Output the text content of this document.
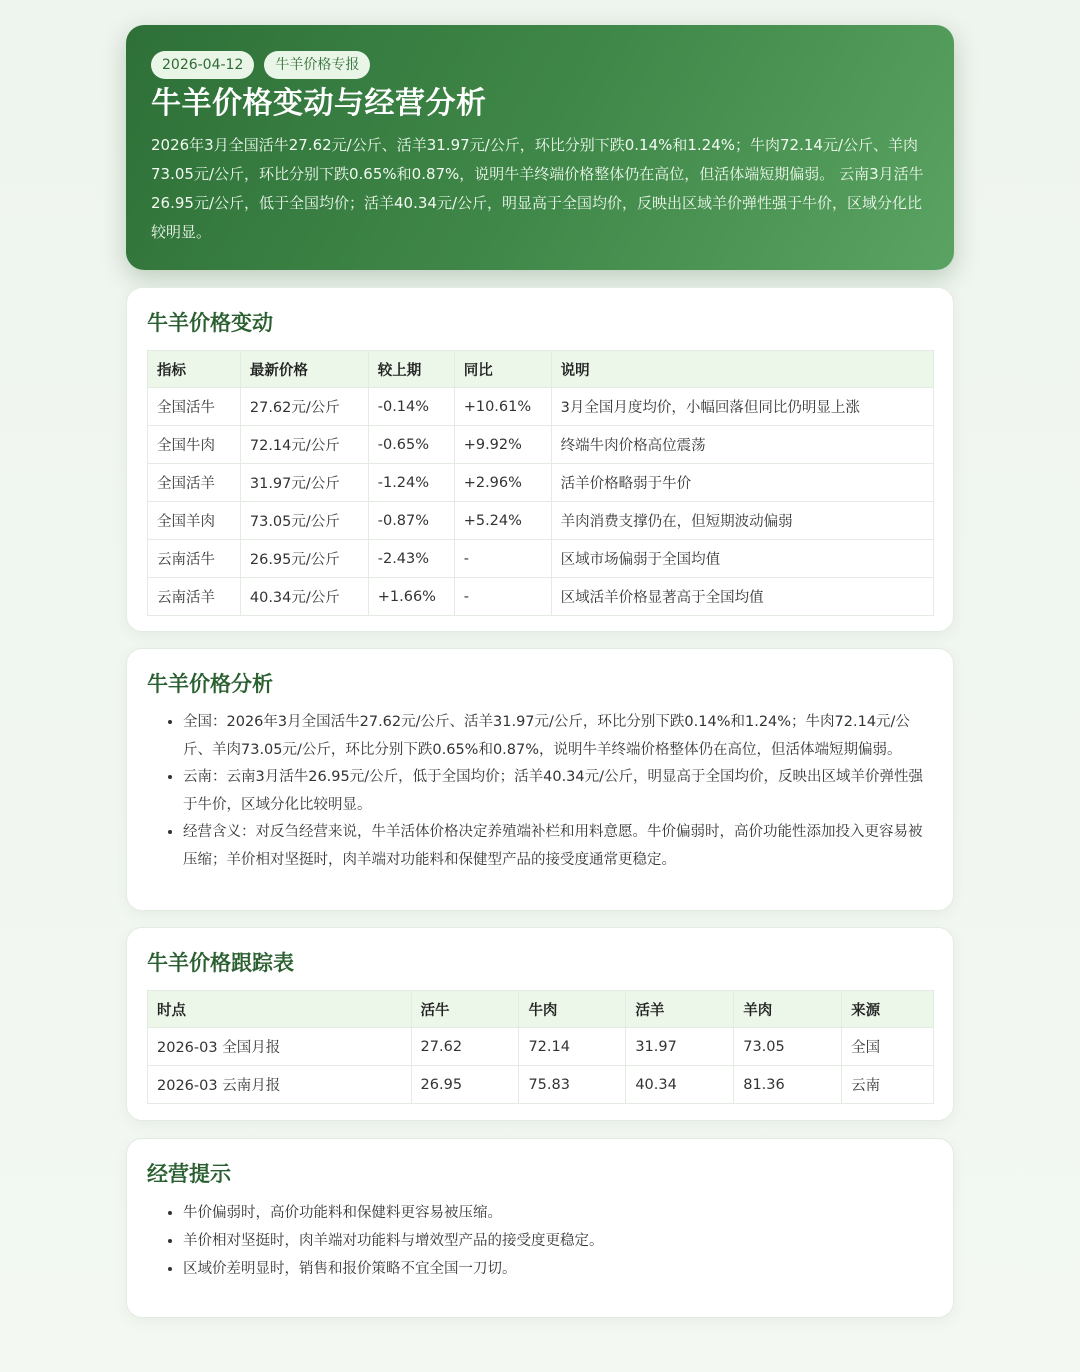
2026-04-12	牛羊价格专报
牛羊价格变动与经营分析

2026年3月全国活牛27.62元/公斤、活羊31.97元/公斤，环比分别下跌0.14%和1.24%；牛肉72.14元/公斤、羊肉73.05元/公斤，环比分别下跌0.65%和0.87%，说明牛羊终端价格整体仍在高位，但活体端短期偏弱。 云南3月活牛26.95元/公斤，低于全国均价；活羊40.34元/公斤，明显高于全国均价，反映出区域羊价弹性强于牛价，区域分化比较明显。

牛羊价格变动
指标	最新价格	较上期	同比	说明
全国活牛	27.62元/公斤	-0.14%	+10.61%	3月全国月度均价，小幅回落但同比仍明显上涨
全国牛肉	72.14元/公斤	-0.65%	+9.92%	终端牛肉价格高位震荡
全国活羊	31.97元/公斤	-1.24%	+2.96%	活羊价格略弱于牛价
全国羊肉	73.05元/公斤	-0.87%	+5.24%	羊肉消费支撑仍在，但短期波动偏弱
云南活牛	26.95元/公斤	-2.43%	-	区域市场偏弱于全国均值
云南活羊	40.34元/公斤	+1.66%	-	区域活羊价格显著高于全国均值
牛羊价格分析
• 全国：2026年3月全国活牛27.62元/公斤、活羊31.97元/公斤，环比分别下跌0.14%和1.24%；牛肉72.14元/公斤、羊肉73.05元/公斤，环比分别下跌0.65%和0.87%，说明牛羊终端价格整体仍在高位，但活体端短期偏弱。
• 云南：云南3月活牛26.95元/公斤，低于全国均价；活羊40.34元/公斤，明显高于全国均价，反映出区域羊价弹性强于牛价，区域分化比较明显。
• 经营含义：对反刍经营来说，牛羊活体价格决定养殖端补栏和用料意愿。牛价偏弱时，高价功能性添加投入更容易被压缩；羊价相对坚挺时，肉羊端对功能料和保健型产品的接受度通常更稳定。
牛羊价格跟踪表
时点	活牛	牛肉	活羊	羊肉	来源
2026-03 全国月报	27.62	72.14	31.97	73.05	全国
2026-03 云南月报	26.95	75.83	40.34	81.36	云南
经营提示
• 牛价偏弱时，高价功能料和保健料更容易被压缩。
• 羊价相对坚挺时，肉羊端对功能料与增效型产品的接受度更稳定。
• 区域价差明显时，销售和报价策略不宜全国一刀切。
